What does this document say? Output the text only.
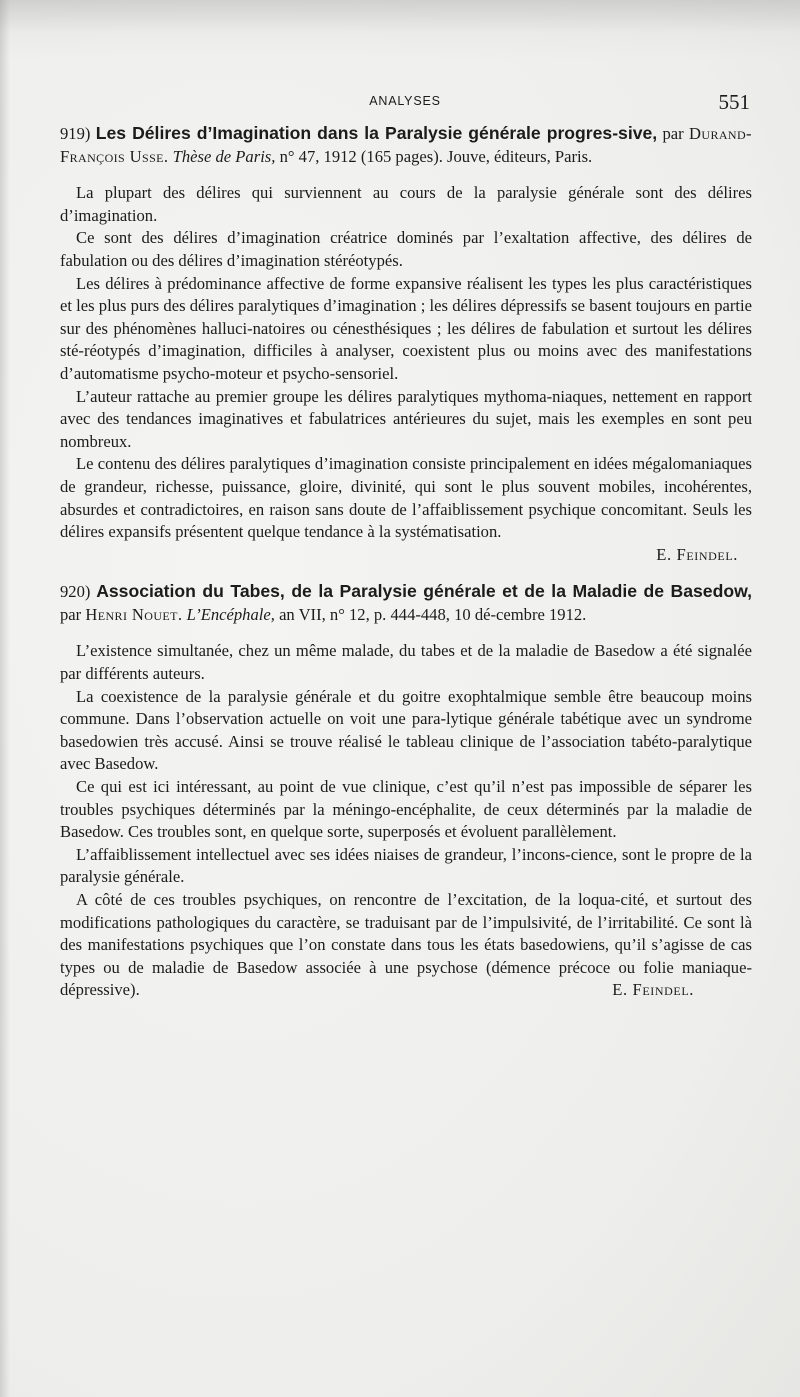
ANALYSES	551

919) Les Délires d’Imagination dans la Paralysie générale progres-sive, par Durand-François Usse. Thèse de Paris, n° 47, 1912 (165 pages). Jouve, éditeurs, Paris.

La plupart des délires qui surviennent au cours de la paralysie générale sont des délires d’imagination.

Ce sont des délires d’imagination créatrice dominés par l’exaltation affective, des délires de fabulation ou des délires d’imagination stéréotypés.

Les délires à prédominance affective de forme expansive réalisent les types les plus caractéristiques et les plus purs des délires paralytiques d’imagination ; les délires dépressifs se basent toujours en partie sur des phénomènes halluci-natoires ou cénesthésiques ; les délires de fabulation et surtout les délires sté-réotypés d’imagination, difficiles à analyser, coexistent plus ou moins avec des manifestations d’automatisme psycho-moteur et psycho-sensoriel.

L’auteur rattache au premier groupe les délires paralytiques mythoma-niaques, nettement en rapport avec des tendances imaginatives et fabulatrices antérieures du sujet, mais les exemples en sont peu nombreux.

Le contenu des délires paralytiques d’imagination consiste principalement en idées mégalomaniaques de grandeur, richesse, puissance, gloire, divinité, qui sont le plus souvent mobiles, incohérentes, absurdes et contradictoires, en raison sans doute de l’affaiblissement psychique concomitant. Seuls les délires expansifs présentent quelque tendance à la systématisation.

E. Feindel.

920) Association du Tabes, de la Paralysie générale et de la Maladie de Basedow, par Henri Nouet. L’Encéphale, an VII, n° 12, p. 444-448, 10 dé-cembre 1912.

L’existence simultanée, chez un même malade, du tabes et de la maladie de Basedow a été signalée par différents auteurs.

La coexistence de la paralysie générale et du goitre exophtalmique semble être beaucoup moins commune. Dans l’observation actuelle on voit une para-lytique générale tabétique avec un syndrome basedowien très accusé. Ainsi se trouve réalisé le tableau clinique de l’association tabéto-paralytique avec Basedow.

Ce qui est ici intéressant, au point de vue clinique, c’est qu’il n’est pas impossible de séparer les troubles psychiques déterminés par la méningo-encéphalite, de ceux déterminés par la maladie de Basedow. Ces troubles sont, en quelque sorte, superposés et évoluent parallèlement.

L’affaiblissement intellectuel avec ses idées niaises de grandeur, l’incons-cience, sont le propre de la paralysie générale.

A côté de ces troubles psychiques, on rencontre de l’excitation, de la loqua-cité, et surtout des modifications pathologiques du caractère, se traduisant par de l’impulsivité, de l’irritabilité. Ce sont là des manifestations psychiques que l’on constate dans tous les états basedowiens, qu’il s’agisse de cas types ou de maladie de Basedow associée à une psychose (démence précoce ou folie maniaque-dépressive).	E. Feindel.
